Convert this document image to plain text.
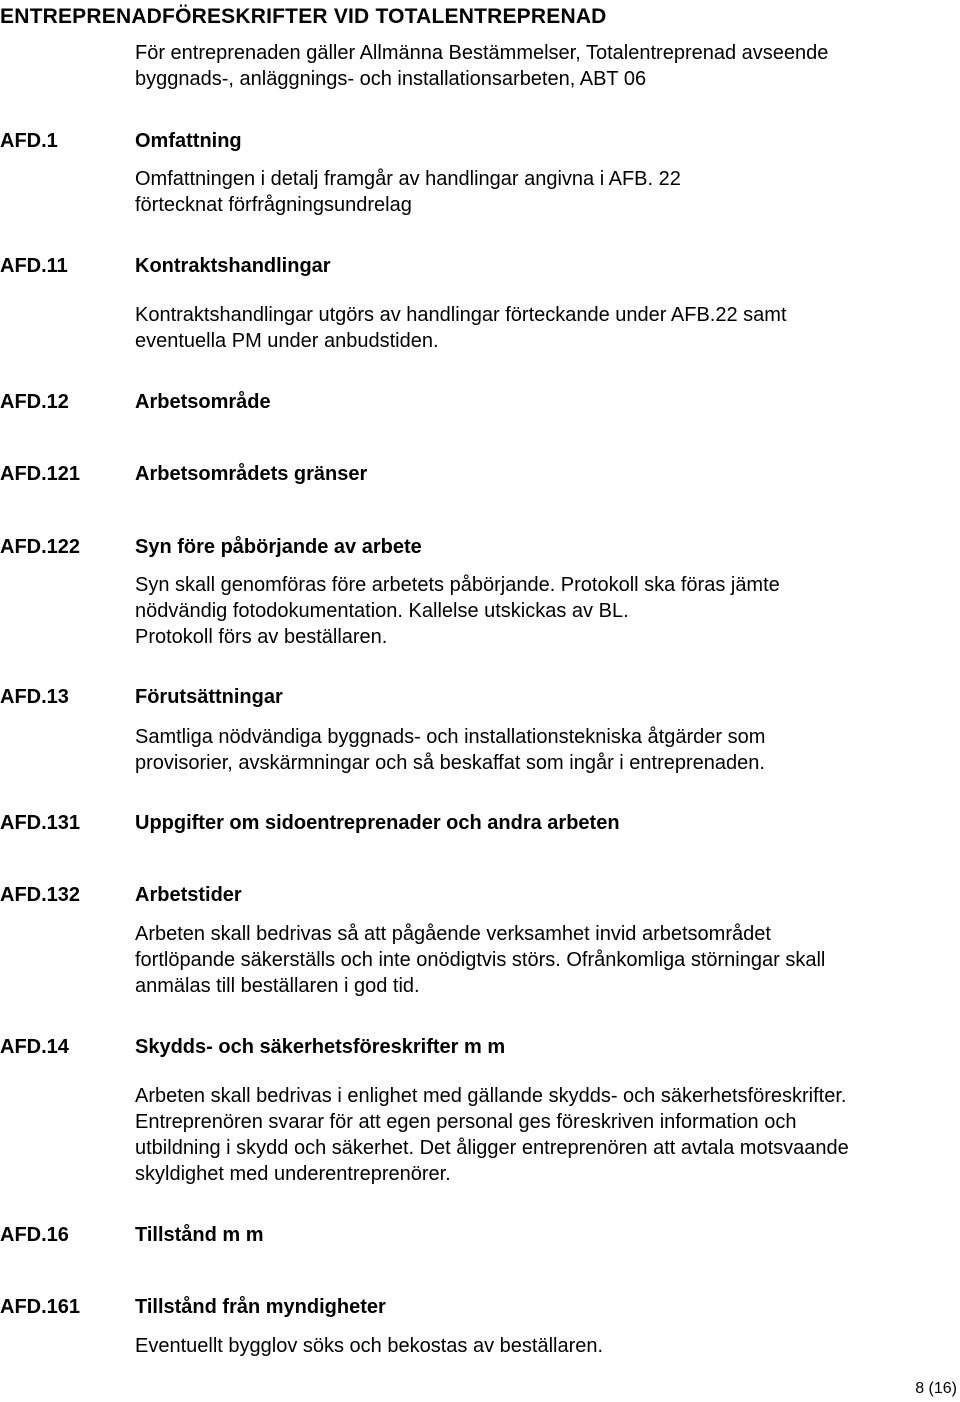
ENTREPRENADFÖRESKRIFTER VID TOTALENTREPRENAD
För entreprenaden gäller Allmänna Bestämmelser, Totalentreprenad avseende
byggnads-, anläggnings- och installationsarbeten, ABT 06
AFD.1	Omfattning
Omfattningen i detalj framgår av handlingar angivna i AFB. 22
förtecknat förfrågningsundrelag
AFD.11	Kontraktshandlingar
Kontraktshandlingar utgörs av handlingar förteckande under AFB.22 samt
eventuella PM under anbudstiden.
AFD.12	Arbetsområde
AFD.121	Arbetsområdets gränser
AFD.122	Syn före påbörjande av arbete
Syn skall genomföras före arbetets påbörjande. Protokoll ska föras jämte
nödvändig fotodokumentation. Kallelse utskickas av BL.
Protokoll förs av beställaren.
AFD.13	Förutsättningar
Samtliga nödvändiga byggnads- och installationstekniska åtgärder som
provisorier, avskärmningar och så beskaffat som ingår i entreprenaden.
AFD.131	Uppgifter om sidoentreprenader och andra arbeten
AFD.132	Arbetstider
Arbeten skall bedrivas så att pågående verksamhet invid arbetsområdet
fortlöpande säkerställs och inte onödigtvis störs. Ofrånkomliga störningar skall
anmälas till beställaren i god tid.
AFD.14	Skydds- och säkerhetsföreskrifter m m
Arbeten skall bedrivas i enlighet med gällande skydds- och säkerhetsföreskrifter.
Entreprenören svarar för att egen personal ges föreskriven information och
utbildning i skydd och säkerhet. Det åligger entreprenören att avtala motsvaande
skyldighet med underentreprenörer.
AFD.16	Tillstånd m m
AFD.161	Tillstånd från myndigheter
Eventuellt bygglov söks och bekostas av beställaren.
8 (16)
